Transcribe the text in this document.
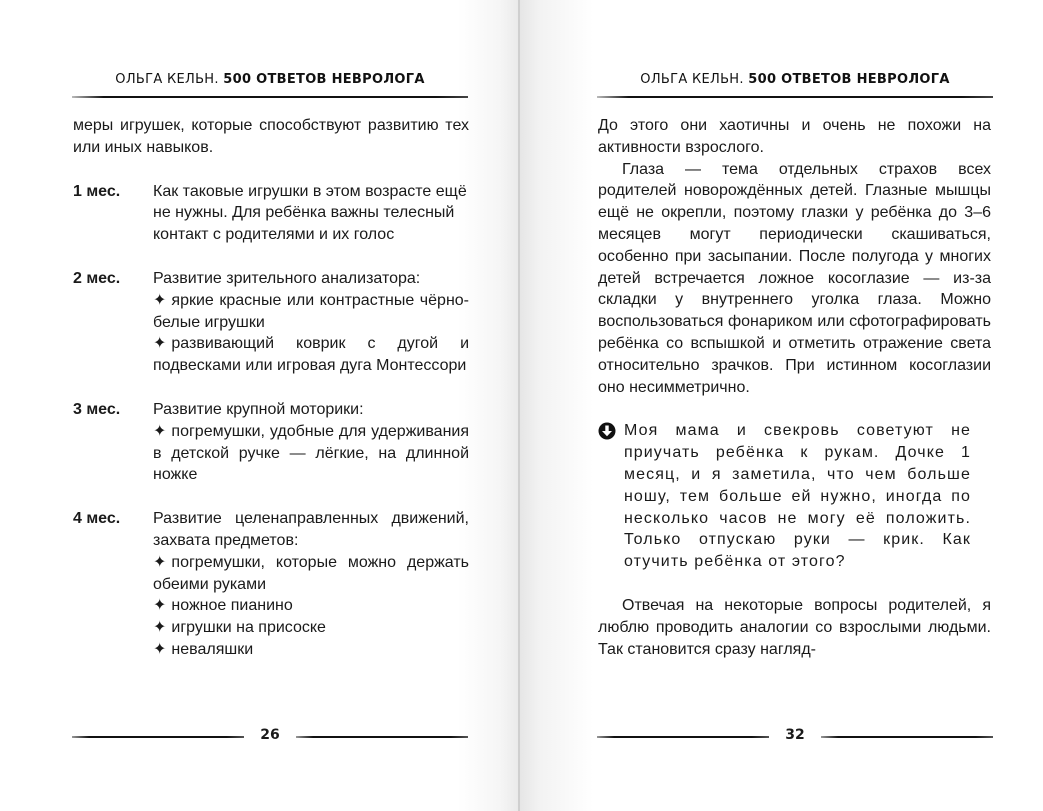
ОЛЬГА КЕЛЬН. 500 ОТВЕТОВ НЕВРОЛОГА

меры игрушек, которые способствуют развитию тех или иных навыков.

1 мес.	Как таковые игрушки в этом возрасте ещё не нужны. Для ребёнка важны телесный контакт с родителями и их голос

2 мес.	Развитие зрительного анализатора:

✦ яркие красные или контрастные чёрно-белые игрушки

✦ развивающий коврик с дугой и подвесками или игровая дуга Монтессори

3 мес.	Развитие крупной моторики:

✦ погремушки, удобные для удерживания в детской ручке — лёгкие, на длинной ножке

4 мес.	Развитие целенаправленных движений, захвата предметов:

✦ погремушки, которые можно держать обеими руками

✦ ножное пианино

✦ игрушки на присоске

✦ неваляшки

26
ОЛЬГА КЕЛЬН. 500 ОТВЕТОВ НЕВРОЛОГА

До этого они хаотичны и очень не похожи на активности взрослого.

Глаза — тема отдельных страхов всех родителей новорождённых детей. Глазные мышцы ещё не окрепли, поэтому глазки у ребёнка до 3–6 месяцев могут периодически скашиваться, особенно при засыпании. После полугода у многих детей встречается ложное косоглазие — из-за складки у внутреннего уголка глаза. Можно воспользоваться фонариком или сфотографировать ребёнка со вспышкой и отметить отражение света относительно зрачков. При истинном косоглазии оно несимметрично.

Моя мама и свекровь советуют не приучать ребёнка к рукам. Дочке 1 месяц, и я заметила, что чем больше ношу, тем больше ей нужно, иногда по несколько часов не могу её положить. Только отпускаю руки — крик. Как отучить ребёнка от этого?

Отвечая на некоторые вопросы родителей, я люблю проводить аналогии со взрослыми людьми. Так становится сразу нагляд-

32
